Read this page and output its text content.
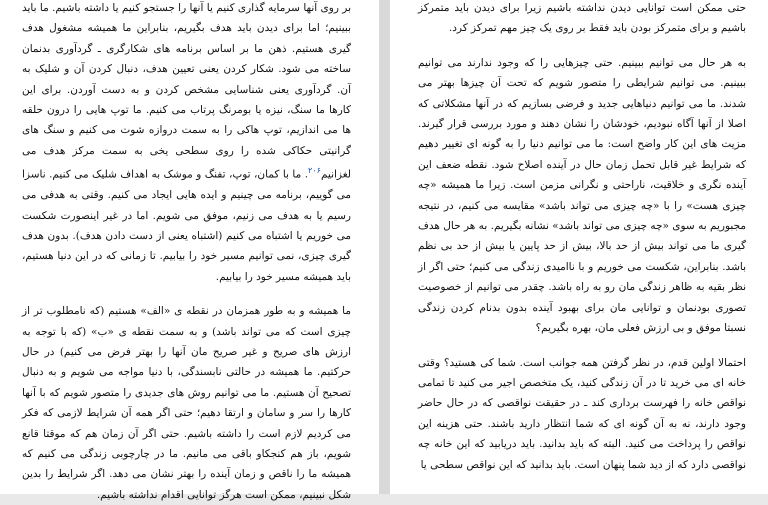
بر روی آنها سرمایه گذاری کنیم یا آنها را جستجو کنیم یا داشته باشیم. ما باید ببینیم؛ اما برای دیدن باید هدف بگیریم، بنابراین ما همیشه مشغول هدف گیری هستیم. ذهن ما بر اساس برنامه های شکارگری ـ گردآوری بدنمان ساخته می شود. شکار کردن یعنی تعیین هدف، دنبال کردن آن و شلیک به آن. گردآوری یعنی شناسایی مشخص کردن و به دست آوردن. برای این کارها ما سنگ، نیزه یا بومرنگ پرتاب می کنیم. ما توپ هایی را درون حلقه ها می اندازیم، توپ هاکی را به سمت دروازه شوت می کنیم و سنگ های گرانیتی حکاکی شده را روی سطحی یخی به سمت مرکز هدف می لغزانیم$^{۲۰۶}$. ما با کمان، توپ، تفنگ و موشک به اهداف شلیک می کنیم. ناسزا می گوییم، برنامه می چینیم و ایده هایی ایجاد می کنیم. وقتی به هدفی می رسیم یا به هدف می زنیم، موفق می شویم. اما در غیر اینصورت شکست می خوریم یا اشتباه می کنیم (اشتباه یعنی از دست دادن هدف). بدون هدف گیری چیزی، نمی توانیم مسیر خود را بیابیم. تا زمانی که در این دنیا هستیم، باید همیشه مسیر خود را بیابیم.

ما همیشه و به طور همزمان در نقطه ی «الف» هستیم (که نامطلوب تر از چیزی است که می تواند باشد) و به سمت نقطه ی «ب» (که با توجه به ارزش های صریح و غیر صریح مان آنها را بهتر فرض می کنیم) در حال حرکتیم. ما همیشه در حالتی نابسندگی، با دنیا مواجه می شویم و به دنبال تصحیح آن هستیم. ما می توانیم روش های جدیدی را متصور شویم که با آنها کارها را سر و سامان و ارتقا دهیم؛ حتی اگر همه آن شرایط لازمی که فکر می کردیم لازم است را داشته باشیم. حتی اگر آن زمان هم که موقتا قانع شویم، باز هم کنجکاو باقی می مانیم. ما در چارچوبی زندگی می کنیم که همیشه ما را ناقص و زمان آینده را بهتر نشان می دهد. اگر شرایط را بدین شکل نبینیم، ممکن است هرگز توانایی اقدام نداشته باشیم.

حتی ممکن است توانایی دیدن نداشته باشیم زیرا برای دیدن باید متمرکز باشیم و برای متمرکز بودن باید فقط بر روی یک چیز مهم تمرکز کرد.

به هر حال می توانیم ببینیم. حتی چیزهایی را که وجود ندارند می توانیم ببینیم. می توانیم شرایطی را متصور شویم که تحت آن چیزها بهتر می شدند. ما می توانیم دنیاهایی جدید و فرضی بسازیم که در آنها مشکلاتی که اصلا از آنها آگاه نبودیم، خودشان را نشان دهند و مورد بررسی قرار گیرند. مزیت های این کار واضح است: ما می توانیم دنیا را به گونه ای تغییر دهیم که شرایط غیر قابل تحمل زمان حال در آینده اصلاح شود. نقطه ضعف این آینده نگری و خلاقیت، ناراحتی و نگرانی مزمن است. زیرا ما همیشه «چه چیزی هست» را با «چه چیزی می تواند باشد» مقایسه می کنیم، در نتیجه مجبوریم به سوی «چه چیزی می تواند باشد» نشانه بگیریم. به هر حال هدف گیری ما می تواند بیش از حد بالا، بیش از حد پایین یا بیش از حد بی نظم باشد. بنابراین، شکست می خوریم و با ناامیدی زندگی می کنیم؛ حتی اگر از نظر بقیه به ظاهر زندگی مان رو به راه باشد. چقدر می توانیم از خصوصیت تصوری بودنمان و توانایی مان برای بهبود آینده بدون بدنام کردن زندگی نسبتا موفق و بی ارزش فعلی مان، بهره بگیریم؟

احتمالا اولین قدم، در نظر گرفتن همه جوانب است. شما کی هستید؟ وقتی خانه ای می خرید تا در آن زندگی کنید، یک متخصص اجیر می کنید تا تمامی نواقص خانه را فهرست برداری کند ـ در حقیقت نواقصی که در حال حاضر وجود دارند، نه به آن گونه ای که شما انتظار دارید باشند. حتی هزینه این نواقص را پرداخت می کنید. البته که باید بدانید. باید دریابید که این خانه چه نواقصی دارد که از دید شما پنهان است. باید بدانید که این نواقص سطحی یا
